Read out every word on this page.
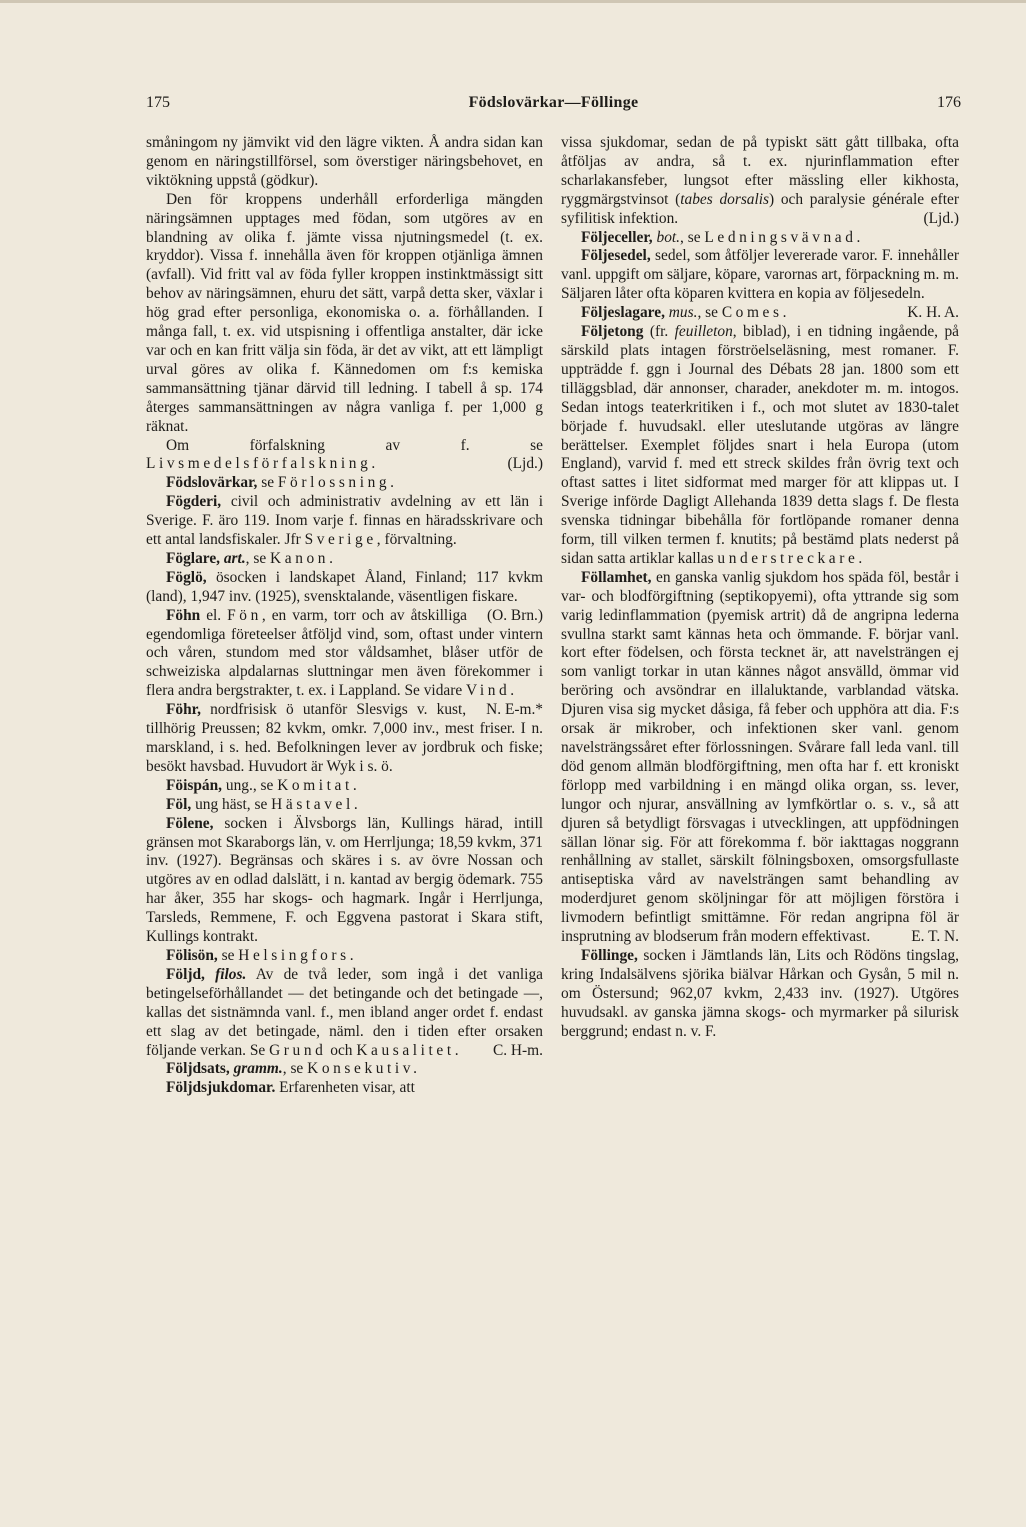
175	Födslovärkar—Föllinge	176

småningom ny jämvikt vid den lägre vikten. Å andra sidan kan genom en näringstillförsel, som överstiger näringsbehovet, en viktökning uppstå (gödkur).

Den för kroppens underhåll erforderliga mängden näringsämnen upptages med födan, som utgöres av en blandning av olika f. jämte vissa njutningsmedel (t. ex. kryddor). Vissa f. innehålla även för kroppen otjänliga ämnen (avfall). Vid fritt val av föda fyller kroppen instinktmässigt sitt behov av näringsämnen, ehuru det sätt, varpå detta sker, växlar i hög grad efter personliga, ekonomiska o. a. förhållanden. I många fall, t. ex. vid utspisning i offentliga anstalter, där icke var och en kan fritt välja sin föda, är det av vikt, att ett lämpligt urval göres av olika f. Kännedomen om f:s kemiska sammansättning tjänar därvid till ledning. I tabell å sp. 174 återges sammansättningen av några vanliga f. per 1,000 g räknat.

Om förfalskning av f. se Livsmedelsförfalskning.	(Ljd.)

Födslovärkar, se Förlossning.

Fögderi, civil och administrativ avdelning av ett län i Sverige. F. äro 119. Inom varje f. finnas en häradsskrivare och ett antal landsfiskaler. Jfr Sverige, förvaltning.

Föglare, art., se Kanon.

Föglö, ösocken i landskapet Åland, Finland; 117 kvkm (land), 1,947 inv. (1925), svensktalande, väsentligen fiskare.
(O. Brn.)

Föhn el. Fön, en varm, torr och av åtskilliga egendomliga företeelser åtföljd vind, som, oftast under vintern och våren, stundom med stor våldsamhet, blåser utför de schweiziska alpdalarnas sluttningar men även förekommer i flera andra bergstrakter, t. ex. i Lappland. Se vidare Vind.
N. E-m.*

Föhr, nordfrisisk ö utanför Slesvigs v. kust, tillhörig Preussen; 82 kvkm, omkr. 7,000 inv., mest friser. I n. marskland, i s. hed. Befolkningen lever av jordbruk och fiske; besökt havsbad. Huvudort är Wyk i s. ö.

Föispán, ung., se Komitat.

Föl, ung häst, se Hästavel.

Fölene, socken i Älvsborgs län, Kullings härad, intill gränsen mot Skaraborgs län, v. om Herrljunga; 18,59 kvkm, 371 inv. (1927). Begränsas och skäres i s. av övre Nossan och utgöres av en odlad dalslätt, i n. kantad av bergig ödemark. 755 har åker, 355 har skogs- och hagmark. Ingår i Herrljunga, Tarsleds, Remmene, F. och Eggvena pastorat i Skara stift, Kullings kontrakt.

Fölisön, se Helsingfors.

Följd, filos. Av de två leder, som ingå i det vanliga betingelseförhållandet — det betingande och det betingade —, kallas det sistnämnda vanl. f., men ibland anger ordet f. endast ett slag av det betingade, näml. den i tiden efter orsaken följande verkan. Se Grund och Kausalitet.	C. H-m.

Följdsats, gramm., se Konsekutiv.

Följdsjukdomar. Erfarenheten visar, att

vissa sjukdomar, sedan de på typiskt sätt gått tillbaka, ofta åtföljas av andra, så t. ex. njurinflammation efter scharlakansfeber, lungsot efter mässling eller kikhosta, ryggmärgstvinsot (tabes dorsalis) och paralysie générale efter syfilitisk infektion.	(Ljd.)

Följeceller, bot., se Ledningsvävnad.

Följesedel, sedel, som åtföljer levererade varor. F. innehåller vanl. uppgift om säljare, köpare, varornas art, förpackning m. m. Säljaren låter ofta köparen kvittera en kopia av följesedeln.
K. H. A.

Följeslagare, mus., se Comes.

Följetong (fr. feuilleton, biblad), i en tidning ingående, på särskild plats intagen förströelseläsning, mest romaner. F. uppträdde f. ggn i Journal des Débats 28 jan. 1800 som ett tilläggsblad, där annonser, charader, anekdoter m. m. intogos. Sedan intogs teaterkritiken i f., och mot slutet av 1830-talet började f. huvudsakl. eller uteslutande utgöras av längre berättelser. Exemplet följdes snart i hela Europa (utom England), varvid f. med ett streck skildes från övrig text och oftast sattes i litet sidformat med marger för att klippas ut. I Sverige införde Dagligt Allehanda 1839 detta slags f. De flesta svenska tidningar bibehålla för fortlöpande romaner denna form, till vilken termen f. knutits; på bestämd plats nederst på sidan satta artiklar kallas understreckare.

Föllamhet, en ganska vanlig sjukdom hos späda föl, består i var- och blodförgiftning (septikopyemi), ofta yttrande sig som varig ledinflammation (pyemisk artrit) då de angripna lederna svullna starkt samt kännas heta och ömmande. F. börjar vanl. kort efter födelsen, och första tecknet är, att navelsträngen ej som vanligt torkar in utan kännes något ansvälld, ömmar vid beröring och avsöndrar en illaluktande, varblandad vätska. Djuren visa sig mycket dåsiga, få feber och upphöra att dia. F:s orsak är mikrober, och infektionen sker vanl. genom navelsträngssåret efter förlossningen. Svårare fall leda vanl. till död genom allmän blodförgiftning, men ofta har f. ett kroniskt förlopp med varbildning i en mängd olika organ, ss. lever, lungor och njurar, ansvällning av lymfkörtlar o. s. v., så att djuren så betydligt försvagas i utvecklingen, att uppfödningen sällan lönar sig. För att förekomma f. bör iakttagas noggrann renhållning av stallet, särskilt fölningsboxen, omsorgsfullaste antiseptiska vård av navelsträngen samt behandling av moderdjuret genom sköljningar för att möjligen förstöra i livmodern befintligt smittämne. För redan angripna föl är insprutning av blodserum från modern effektivast.	E. T. N.

Föllinge, socken i Jämtlands län, Lits och Rödöns tingslag, kring Indalsälvens sjörika biälvar Hårkan och Gysån, 5 mil n. om Östersund; 962,07 kvkm, 2,433 inv. (1927). Utgöres huvudsakl. av ganska jämna skogs- och myrmarker på silurisk berggrund; endast n. v. F.
